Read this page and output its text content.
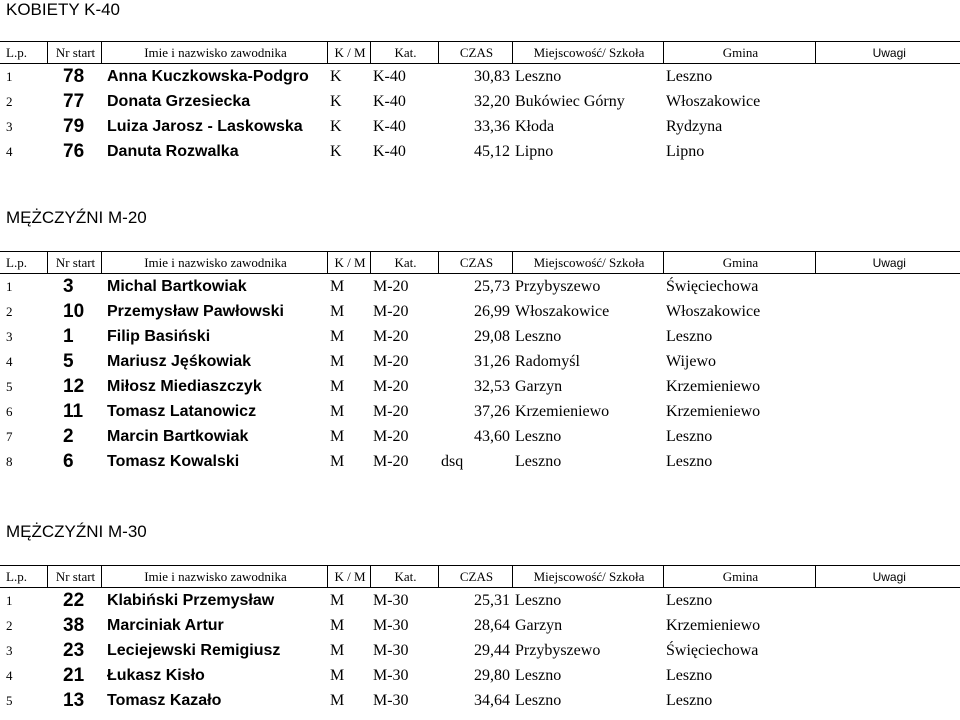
KOBIETY K-40
L.p.	Nr start	Imie i nazwisko zawodnika	K / M	Kat.	CZAS	Miejscowość/ Szkoła	Gmina	Uwagi
1	78	Anna Kuczkowska-Podgro	K	K-40	30,83	Leszno	Leszno	
2	77	Donata Grzesiecka	K	K-40	32,20	Bukówiec Górny	Włoszakowice	
3	79	Luiza Jarosz - Laskowska	K	K-40	33,36	Kłoda	Rydzyna	
4	76	Danuta Rozwalka	K	K-40	45,12	Lipno	Lipno	
MĘŻCZYŹNI M-20
L.p.	Nr start	Imie i nazwisko zawodnika	K / M	Kat.	CZAS	Miejscowość/ Szkoła	Gmina	Uwagi
1	3	Michal Bartkowiak	M	M-20	25,73	Przybyszewo	Święciechowa	
2	10	Przemysław Pawłowski	M	M-20	26,99	Włoszakowice	Włoszakowice	
3	1	Filip Basiński	M	M-20	29,08	Leszno	Leszno	
4	5	Mariusz Jęśkowiak	M	M-20	31,26	Radomyśl	Wijewo	
5	12	Miłosz Miediaszczyk	M	M-20	32,53	Garzyn	Krzemieniewo	
6	11	Tomasz Latanowicz	M	M-20	37,26	Krzemieniewo	Krzemieniewo	
7	2	Marcin Bartkowiak	M	M-20	43,60	Leszno	Leszno	
8	6	Tomasz Kowalski	M	M-20	dsq	Leszno	Leszno	
MĘŻCZYŹNI M-30
L.p.	Nr start	Imie i nazwisko zawodnika	K / M	Kat.	CZAS	Miejscowość/ Szkoła	Gmina	Uwagi
1	22	Klabiński Przemysław	M	M-30	25,31	Leszno	Leszno	
2	38	Marciniak Artur	M	M-30	28,64	Garzyn	Krzemieniewo	
3	23	Leciejewski Remigiusz	M	M-30	29,44	Przybyszewo	Święciechowa	
4	21	Łukasz Kisło	M	M-30	29,80	Leszno	Leszno	
5	13	Tomasz Kazało	M	M-30	34,64	Leszno	Leszno	
